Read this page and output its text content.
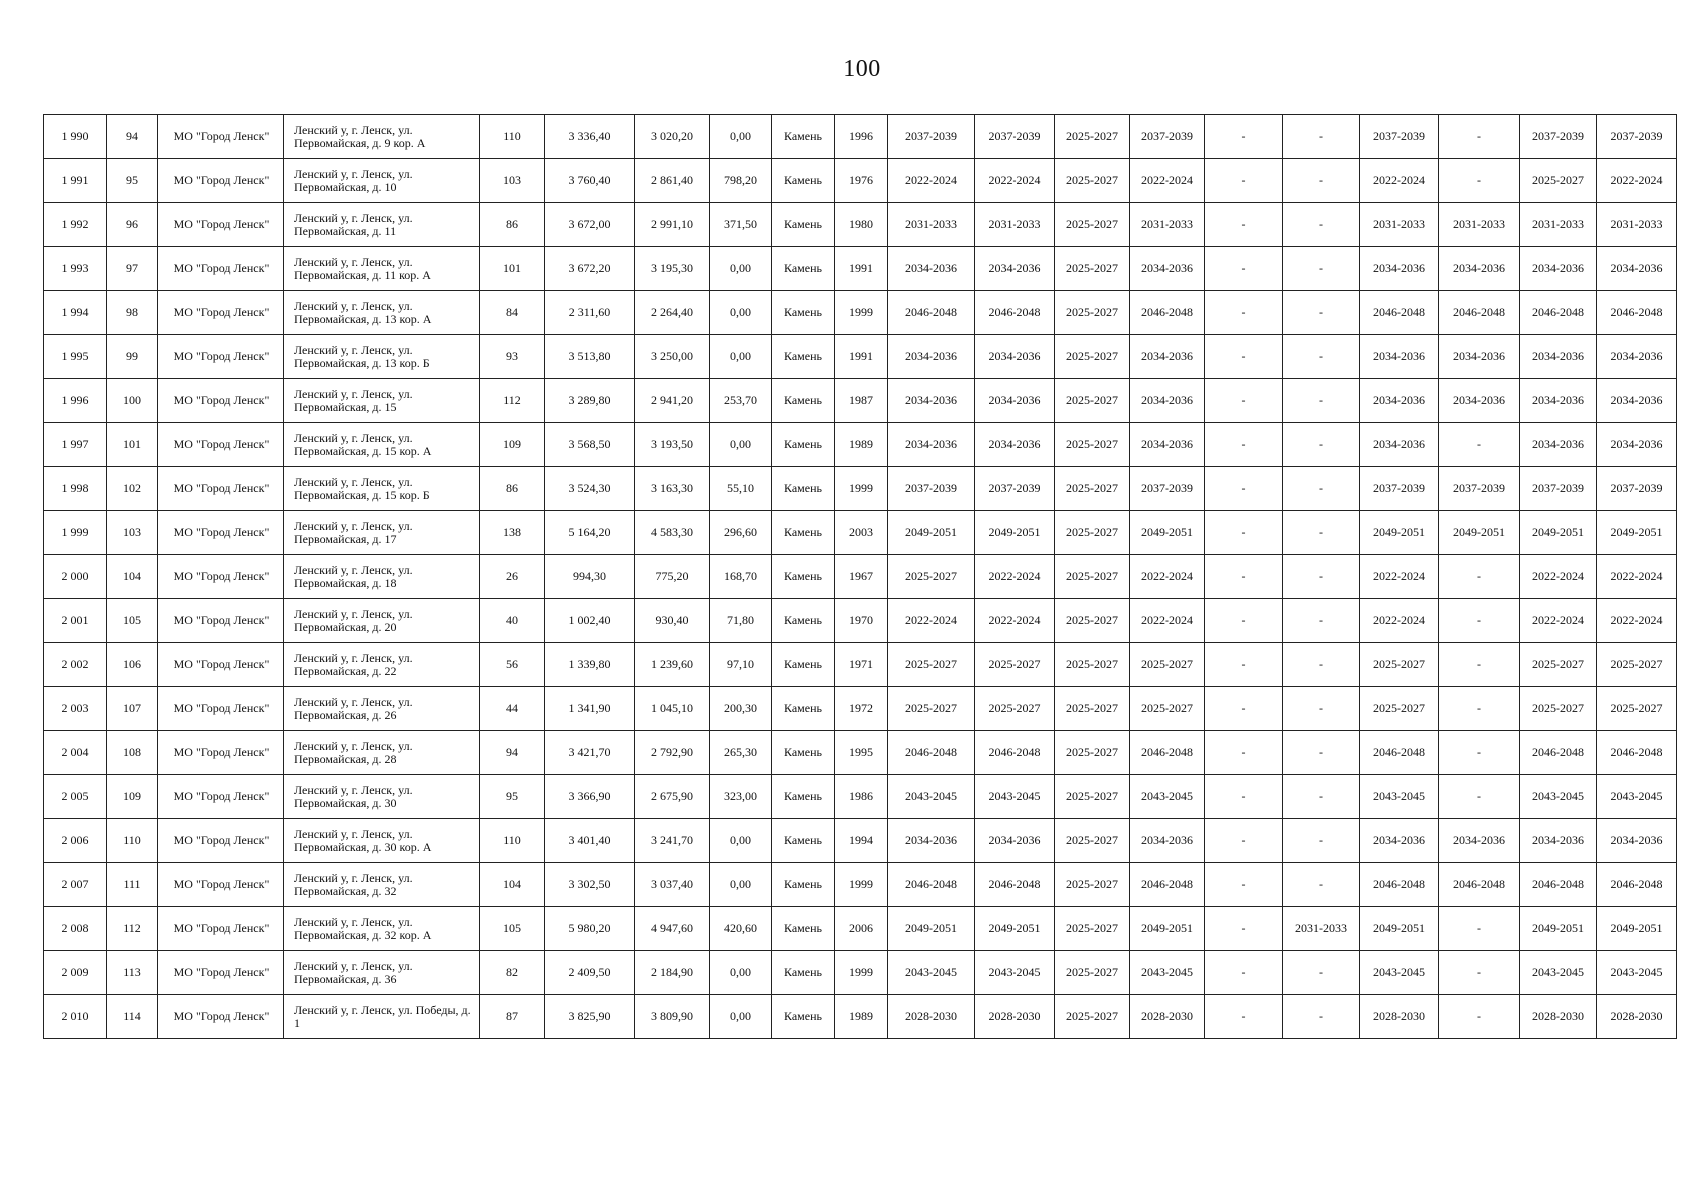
100
1 990	94	МО "Город Ленск"	Ленский у, г. Ленск, ул. Первомайская, д. 9 кор. А	110	3 336,40	3 020,20	0,00	Камень	1996	2037-2039	2037-2039	2025-2027	2037-2039	-	-	2037-2039	-	2037-2039	2037-2039
1 991	95	МО "Город Ленск"	Ленский у, г. Ленск, ул. Первомайская, д. 10	103	3 760,40	2 861,40	798,20	Камень	1976	2022-2024	2022-2024	2025-2027	2022-2024	-	-	2022-2024	-	2025-2027	2022-2024
1 992	96	МО "Город Ленск"	Ленский у, г. Ленск, ул. Первомайская, д. 11	86	3 672,00	2 991,10	371,50	Камень	1980	2031-2033	2031-2033	2025-2027	2031-2033	-	-	2031-2033	2031-2033	2031-2033	2031-2033
1 993	97	МО "Город Ленск"	Ленский у, г. Ленск, ул. Первомайская, д. 11 кор. А	101	3 672,20	3 195,30	0,00	Камень	1991	2034-2036	2034-2036	2025-2027	2034-2036	-	-	2034-2036	2034-2036	2034-2036	2034-2036
1 994	98	МО "Город Ленск"	Ленский у, г. Ленск, ул. Первомайская, д. 13 кор. А	84	2 311,60	2 264,40	0,00	Камень	1999	2046-2048	2046-2048	2025-2027	2046-2048	-	-	2046-2048	2046-2048	2046-2048	2046-2048
1 995	99	МО "Город Ленск"	Ленский у, г. Ленск, ул. Первомайская, д. 13 кор. Б	93	3 513,80	3 250,00	0,00	Камень	1991	2034-2036	2034-2036	2025-2027	2034-2036	-	-	2034-2036	2034-2036	2034-2036	2034-2036
1 996	100	МО "Город Ленск"	Ленский у, г. Ленск, ул. Первомайская, д. 15	112	3 289,80	2 941,20	253,70	Камень	1987	2034-2036	2034-2036	2025-2027	2034-2036	-	-	2034-2036	2034-2036	2034-2036	2034-2036
1 997	101	МО "Город Ленск"	Ленский у, г. Ленск, ул. Первомайская, д. 15 кор. А	109	3 568,50	3 193,50	0,00	Камень	1989	2034-2036	2034-2036	2025-2027	2034-2036	-	-	2034-2036	-	2034-2036	2034-2036
1 998	102	МО "Город Ленск"	Ленский у, г. Ленск, ул. Первомайская, д. 15 кор. Б	86	3 524,30	3 163,30	55,10	Камень	1999	2037-2039	2037-2039	2025-2027	2037-2039	-	-	2037-2039	2037-2039	2037-2039	2037-2039
1 999	103	МО "Город Ленск"	Ленский у, г. Ленск, ул. Первомайская, д. 17	138	5 164,20	4 583,30	296,60	Камень	2003	2049-2051	2049-2051	2025-2027	2049-2051	-	-	2049-2051	2049-2051	2049-2051	2049-2051
2 000	104	МО "Город Ленск"	Ленский у, г. Ленск, ул. Первомайская, д. 18	26	994,30	775,20	168,70	Камень	1967	2025-2027	2022-2024	2025-2027	2022-2024	-	-	2022-2024	-	2022-2024	2022-2024
2 001	105	МО "Город Ленск"	Ленский у, г. Ленск, ул. Первомайская, д. 20	40	1 002,40	930,40	71,80	Камень	1970	2022-2024	2022-2024	2025-2027	2022-2024	-	-	2022-2024	-	2022-2024	2022-2024
2 002	106	МО "Город Ленск"	Ленский у, г. Ленск, ул. Первомайская, д. 22	56	1 339,80	1 239,60	97,10	Камень	1971	2025-2027	2025-2027	2025-2027	2025-2027	-	-	2025-2027	-	2025-2027	2025-2027
2 003	107	МО "Город Ленск"	Ленский у, г. Ленск, ул. Первомайская, д. 26	44	1 341,90	1 045,10	200,30	Камень	1972	2025-2027	2025-2027	2025-2027	2025-2027	-	-	2025-2027	-	2025-2027	2025-2027
2 004	108	МО "Город Ленск"	Ленский у, г. Ленск, ул. Первомайская, д. 28	94	3 421,70	2 792,90	265,30	Камень	1995	2046-2048	2046-2048	2025-2027	2046-2048	-	-	2046-2048	-	2046-2048	2046-2048
2 005	109	МО "Город Ленск"	Ленский у, г. Ленск, ул. Первомайская, д. 30	95	3 366,90	2 675,90	323,00	Камень	1986	2043-2045	2043-2045	2025-2027	2043-2045	-	-	2043-2045	-	2043-2045	2043-2045
2 006	110	МО "Город Ленск"	Ленский у, г. Ленск, ул. Первомайская, д. 30 кор. А	110	3 401,40	3 241,70	0,00	Камень	1994	2034-2036	2034-2036	2025-2027	2034-2036	-	-	2034-2036	2034-2036	2034-2036	2034-2036
2 007	111	МО "Город Ленск"	Ленский у, г. Ленск, ул. Первомайская, д. 32	104	3 302,50	3 037,40	0,00	Камень	1999	2046-2048	2046-2048	2025-2027	2046-2048	-	-	2046-2048	2046-2048	2046-2048	2046-2048
2 008	112	МО "Город Ленск"	Ленский у, г. Ленск, ул. Первомайская, д. 32 кор. А	105	5 980,20	4 947,60	420,60	Камень	2006	2049-2051	2049-2051	2025-2027	2049-2051	-	2031-2033	2049-2051	-	2049-2051	2049-2051
2 009	113	МО "Город Ленск"	Ленский у, г. Ленск, ул. Первомайская, д. 36	82	2 409,50	2 184,90	0,00	Камень	1999	2043-2045	2043-2045	2025-2027	2043-2045	-	-	2043-2045	-	2043-2045	2043-2045
2 010	114	МО "Город Ленск"	Ленский у, г. Ленск, ул. Победы, д. 1	87	3 825,90	3 809,90	0,00	Камень	1989	2028-2030	2028-2030	2025-2027	2028-2030	-	-	2028-2030	-	2028-2030	2028-2030
